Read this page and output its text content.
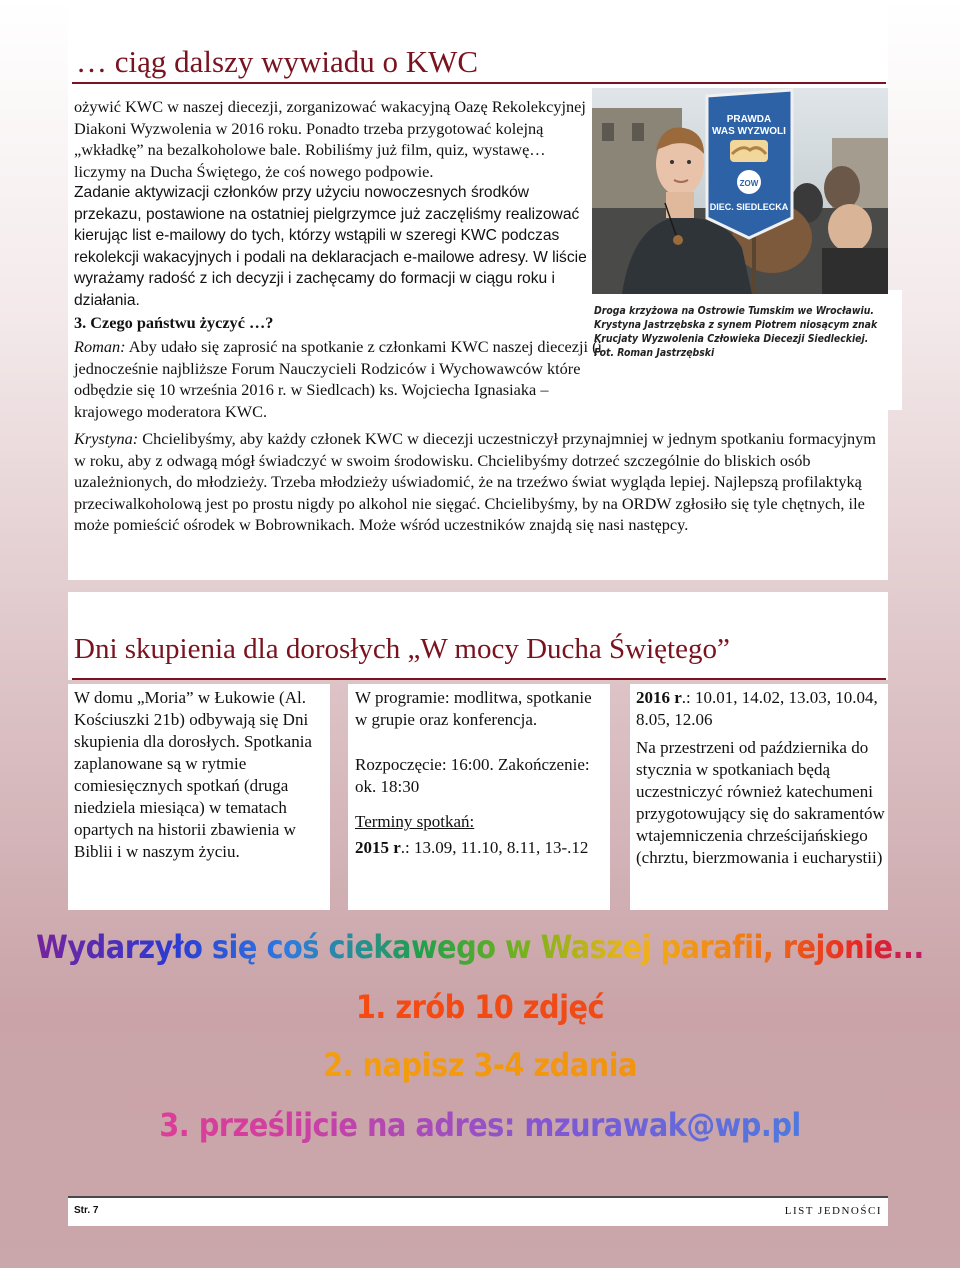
… ciąg dalszy wywiadu o KWC

ożywić KWC w naszej diecezji, zorganizować wakacyjną Oazę Rekolekcyjnej Diakoni Wyzwolenia w 2016 roku. Ponadto trzeba przygotować kolejną „wkładkę” na bezalkoholowe bale. Robiliśmy już film, quiz, wystawę… liczymy na Ducha Świętego, że coś nowego podpowie.

Zadanie aktywizacji członków przy użyciu nowoczesnych środków przekazu, postawione na ostatniej pielgrzymce już zaczęliśmy realizować kierując list e-mailowy do tych, którzy wstąpili w szeregi KWC podczas rekolekcji wakacyjnych i podali na deklaracjach e-mailowe adresy. W liście wyrażamy radość z ich decyzji i zachęcamy do formacji w ciągu roku i działania.

3. Czego państwu życzyć …?

Roman: Aby udało się zaprosić na spotkanie z członkami KWC naszej diecezji (i jednocześnie najbliższe Forum Nauczycieli Rodziców i Wychowawców które odbędzie się 10 września 2016 r. w Siedlcach) ks. Wojciecha Ignasiaka – krajowego moderatora KWC.

Krystyna: Chcielibyśmy, aby każdy członek KWC w diecezji uczestniczył przynajmniej w jednym spotkaniu formacyjnym w roku, aby z odwagą mógł świadczyć w swoim środowisku. Chcielibyśmy dotrzeć szczególnie do bliskich osób uzależnionych, do młodzieży. Trzeba młodzieży uświadomić, że na trzeźwo świat wygląda lepiej. Najlepszą profilaktyką przeciwalkoholową jest po prostu nigdy po alkohol nie sięgać. Chcielibyśmy, by na ORDW zgłosiło się tyle chętnych, ile może pomieścić ośrodek w Bobrownikach. Może wśród uczestników znajdą się nasi następcy.

PRAWDA
WAS WYZWOLI
ZOW
DIEC. SIEDLECKA

Droga krzyżowa na Ostrowie Tumskim we Wrocławiu. Krystyna Jastrzębska z synem Piotrem niosącym znak Krucjaty Wyzwolenia Człowieka Diecezji Siedleckiej. Fot. Roman Jastrzębski

Dni skupienia dla dorosłych „W mocy Ducha Świętego”

W domu „Moria” w Łukowie (Al. Kościuszki 21b) odbywają się Dni skupienia dla dorosłych. Spotkania zaplanowane są w rytmie comiesięcznych spotkań (druga niedziela miesiąca) w tematach opartych na historii zbawienia w Biblii i w naszym życiu.

W programie: modlitwa, spotkanie w grupie oraz konferencja.

Rozpoczęcie: 16:00. Zakończenie: ok. 18:30

Terminy spotkań:

2015 r.: 13.09, 11.10, 8.11, 13-.12

2016 r.: 10.01, 14.02, 13.03, 10.04, 8.05, 12.06

Na przestrzeni od października do stycznia w spotkaniach będą uczestniczyć również katechumeni przygotowujący się do sakramentów wtajemniczenia chrześcijańskiego (chrztu, bierzmowania i eucharystii)

Wydarzyło się coś ciekawego w Waszej parafii, rejonie...

1. zrób 10 zdjęć

2. napisz 3-4 zdania

3. prześlijcie na adres: mzurawak@wp.pl

Str. 7	LIST JEDNOŚCI
